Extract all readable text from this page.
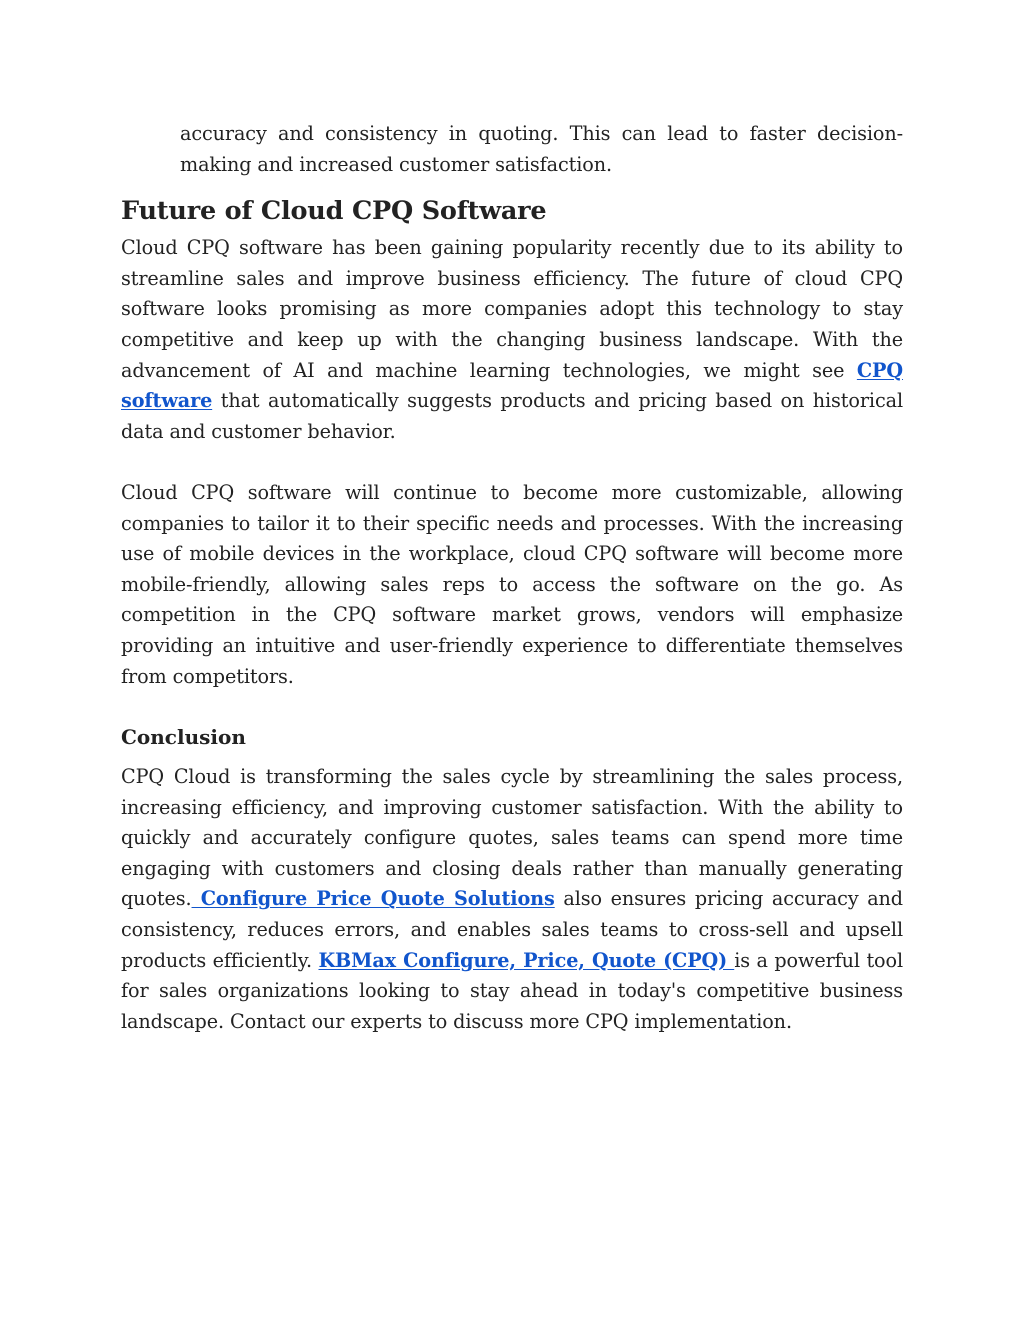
accuracy and consistency in quoting. This can lead to faster decision-making and increased customer satisfaction.

Future of Cloud CPQ Software

Cloud CPQ software has been gaining popularity recently due to its ability to streamline sales and improve business efficiency. The future of cloud CPQ software looks promising as more companies adopt this technology to stay competitive and keep up with the changing business landscape. With the advancement of AI and machine learning technologies, we might see CPQ software that automatically suggests products and pricing based on historical data and customer behavior.

Cloud CPQ software will continue to become more customizable, allowing companies to tailor it to their specific needs and processes. With the increasing use of mobile devices in the workplace, cloud CPQ software will become more mobile-friendly, allowing sales reps to access the software on the go. As competition in the CPQ software market grows, vendors will emphasize providing an intuitive and user-friendly experience to differentiate themselves from competitors.

Conclusion

CPQ Cloud is transforming the sales cycle by streamlining the sales process, increasing efficiency, and improving customer satisfaction. With the ability to quickly and accurately configure quotes, sales teams can spend more time engaging with customers and closing deals rather than manually generating quotes. Configure Price Quote Solutions also ensures pricing accuracy and consistency, reduces errors, and enables sales teams to cross-sell and upsell products efficiently. KBMax Configure, Price, Quote (CPQ) is a powerful tool for sales organizations looking to stay ahead in today's competitive business landscape. Contact our experts to discuss more CPQ implementation.
